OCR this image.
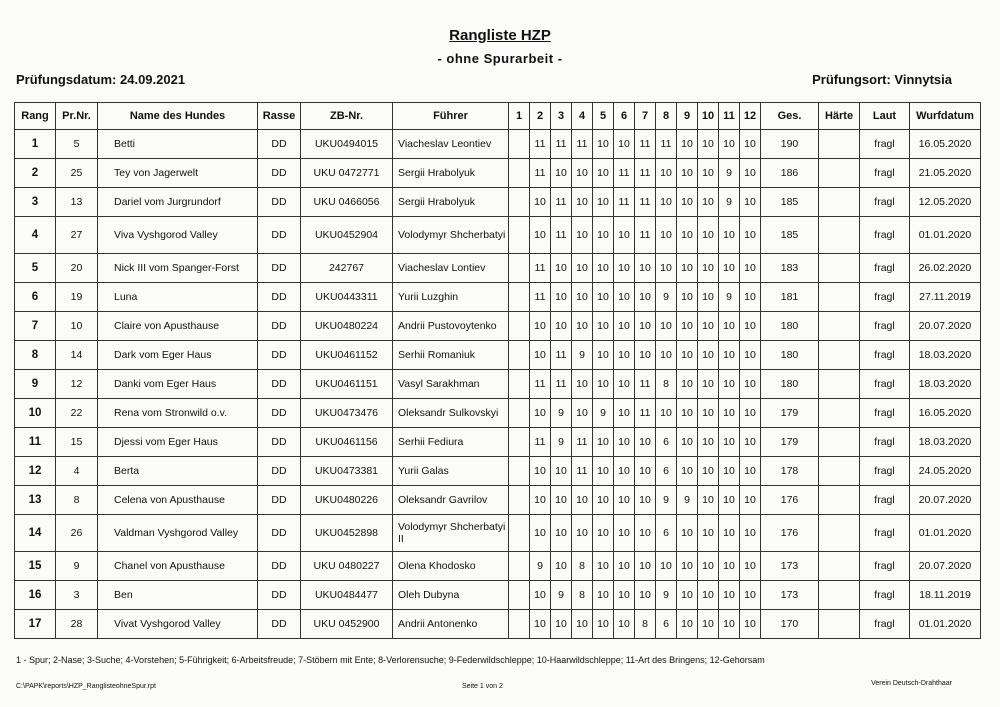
Rangliste HZP
- ohne Spurarbeit -
Prüfungsdatum: 24.09.2021	Prüfungsort: Vinnytsia
Rang	Pr.Nr.	Name des Hundes	Rasse	ZB-Nr.	Führer	1	2	3	4	5	6	7	8	9	10	11	12	Ges.	Härte	Laut	Wurfdatum
1	5	Betti	DD	UKU0494015	Viacheslav Leontiev		11	11	11	10	10	11	11	10	10	10	10	190		fragl	16.05.2020
2	25	Tey von Jagerwelt	DD	UKU 0472771	Sergii Hrabolyuk		11	10	10	10	11	11	10	10	10	9	10	186		fragl	21.05.2020
3	13	Dariel vom Jurgrundorf	DD	UKU 0466056	Sergii Hrabolyuk		10	11	10	10	11	11	10	10	10	9	10	185		fragl	12.05.2020
4	27	Viva Vyshgorod Valley	DD	UKU0452904	Volodymyr Shcherbatyi		10	11	10	10	10	11	10	10	10	10	10	185		fragl	01.01.2020
5	20	Nick III vom Spanger-Forst	DD	242767	Viacheslav Lontiev		11	10	10	10	10	10	10	10	10	10	10	183		fragl	26.02.2020
6	19	Luna	DD	UKU0443311	Yurii Luzghin		11	10	10	10	10	10	9	10	10	9	10	181		fragl	27.11.2019
7	10	Claire von Apusthause	DD	UKU0480224	Andrii Pustovoytenko		10	10	10	10	10	10	10	10	10	10	10	180		fragl	20.07.2020
8	14	Dark vom Eger Haus	DD	UKU0461152	Serhii Romaniuk		10	11	9	10	10	10	10	10	10	10	10	180		fragl	18.03.2020
9	12	Danki vom Eger Haus	DD	UKU0461151	Vasyl Sarakhman		11	11	10	10	10	11	8	10	10	10	10	180		fragl	18.03.2020
10	22	Rena vom Stronwild o.v.	DD	UKU0473476	Oleksandr Sulkovskyi		10	9	10	9	10	11	10	10	10	10	10	179		fragl	16.05.2020
11	15	Djessi vom Eger Haus	DD	UKU0461156	Serhii Fediura		11	9	11	10	10	10	6	10	10	10	10	179		fragl	18.03.2020
12	4	Berta	DD	UKU0473381	Yurii Galas		10	10	11	10	10	10	6	10	10	10	10	178		fragl	24.05.2020
13	8	Celena von Apusthause	DD	UKU0480226	Oleksandr Gavrilov		10	10	10	10	10	10	9	9	10	10	10	176		fragl	20.07.2020
14	26	Valdman Vyshgorod Valley	DD	UKU0452898	Volodymyr Shcherbatyi II		10	10	10	10	10	10	6	10	10	10	10	176		fragl	01.01.2020
15	9	Chanel von Apusthause	DD	UKU 0480227	Olena Khodosko		9	10	8	10	10	10	10	10	10	10	10	173		fragl	20.07.2020
16	3	Ben	DD	UKU0484477	Oleh Dubyna		10	9	8	10	10	10	9	10	10	10	10	173		fragl	18.11.2019
17	28	Vivat Vyshgorod Valley	DD	UKU 0452900	Andrii Antonenko		10	10	10	10	10	8	6	10	10	10	10	170		fragl	01.01.2020
1 - Spur; 2-Nase; 3-Suche; 4-Vorstehen; 5-Führigkeit; 6-Arbeitsfreude; 7-Stöbern mit Ente; 8-Verlorensuche; 9-Federwildschleppe; 10-Haarwildschleppe; 11-Art des Bringens; 12-Gehorsam
C:\PAPK\reports\HZP_RanglisteohneSpur.rpt	Seite 1 von 2	Verein Deutsch-Drahthaar
